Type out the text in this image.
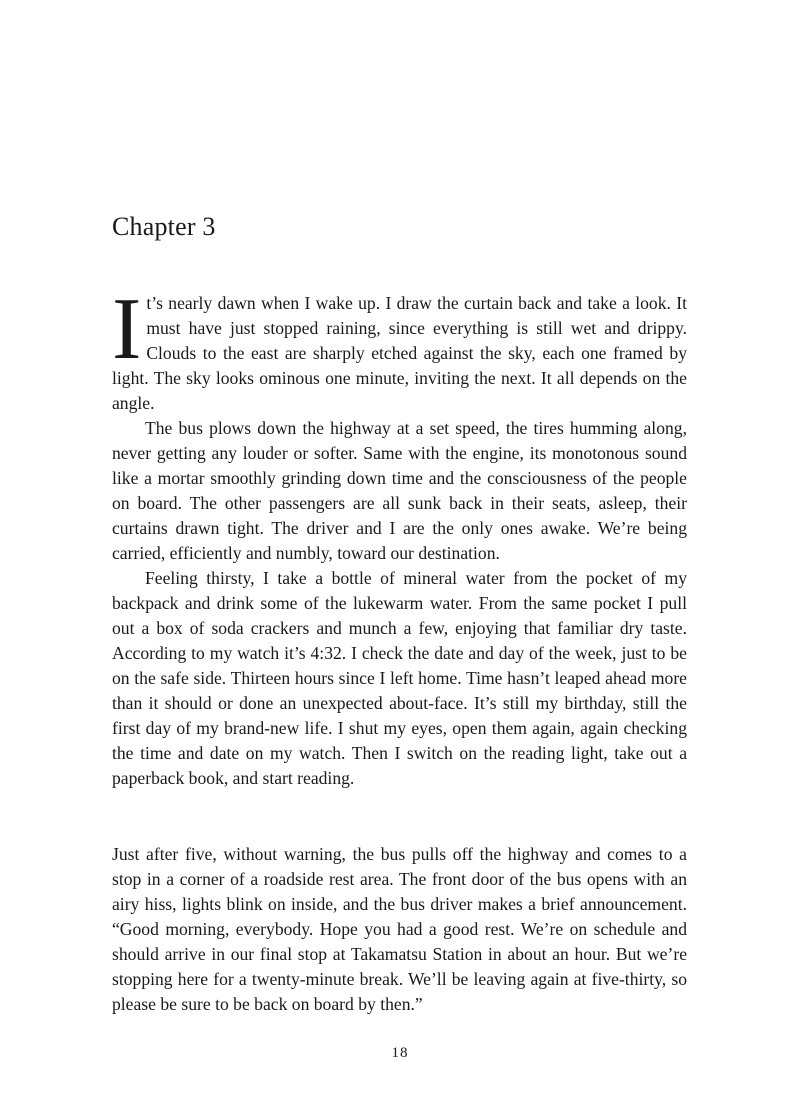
Chapter 3

It’s nearly dawn when I wake up. I draw the curtain back and take a look. It must have just stopped raining, since everything is still wet and drippy. Clouds to the east are sharply etched against the sky, each one framed by light. The sky looks ominous one minute, inviting the next. It all depends on the angle.

The bus plows down the highway at a set speed, the tires humming along, never getting any louder or softer. Same with the engine, its monotonous sound like a mortar smoothly grinding down time and the consciousness of the people on board. The other passengers are all sunk back in their seats, asleep, their curtains drawn tight. The driver and I are the only ones awake. We’re being carried, efficiently and numbly, toward our destination.

Feeling thirsty, I take a bottle of mineral water from the pocket of my backpack and drink some of the lukewarm water. From the same pocket I pull out a box of soda crackers and munch a few, enjoying that familiar dry taste. According to my watch it’s 4:32. I check the date and day of the week, just to be on the safe side. Thirteen hours since I left home. Time hasn’t leaped ahead more than it should or done an unexpected about-face. It’s still my birthday, still the first day of my brand-new life. I shut my eyes, open them again, again checking the time and date on my watch. Then I switch on the reading light, take out a paperback book, and start reading.

Just after five, without warning, the bus pulls off the highway and comes to a stop in a corner of a roadside rest area. The front door of the bus opens with an airy hiss, lights blink on inside, and the bus driver makes a brief announcement. “Good morning, everybody. Hope you had a good rest. We’re on schedule and should arrive in our final stop at Takamatsu Station in about an hour. But we’re stopping here for a twenty-minute break. We’ll be leaving again at five-thirty, so please be sure to be back on board by then.”

18
